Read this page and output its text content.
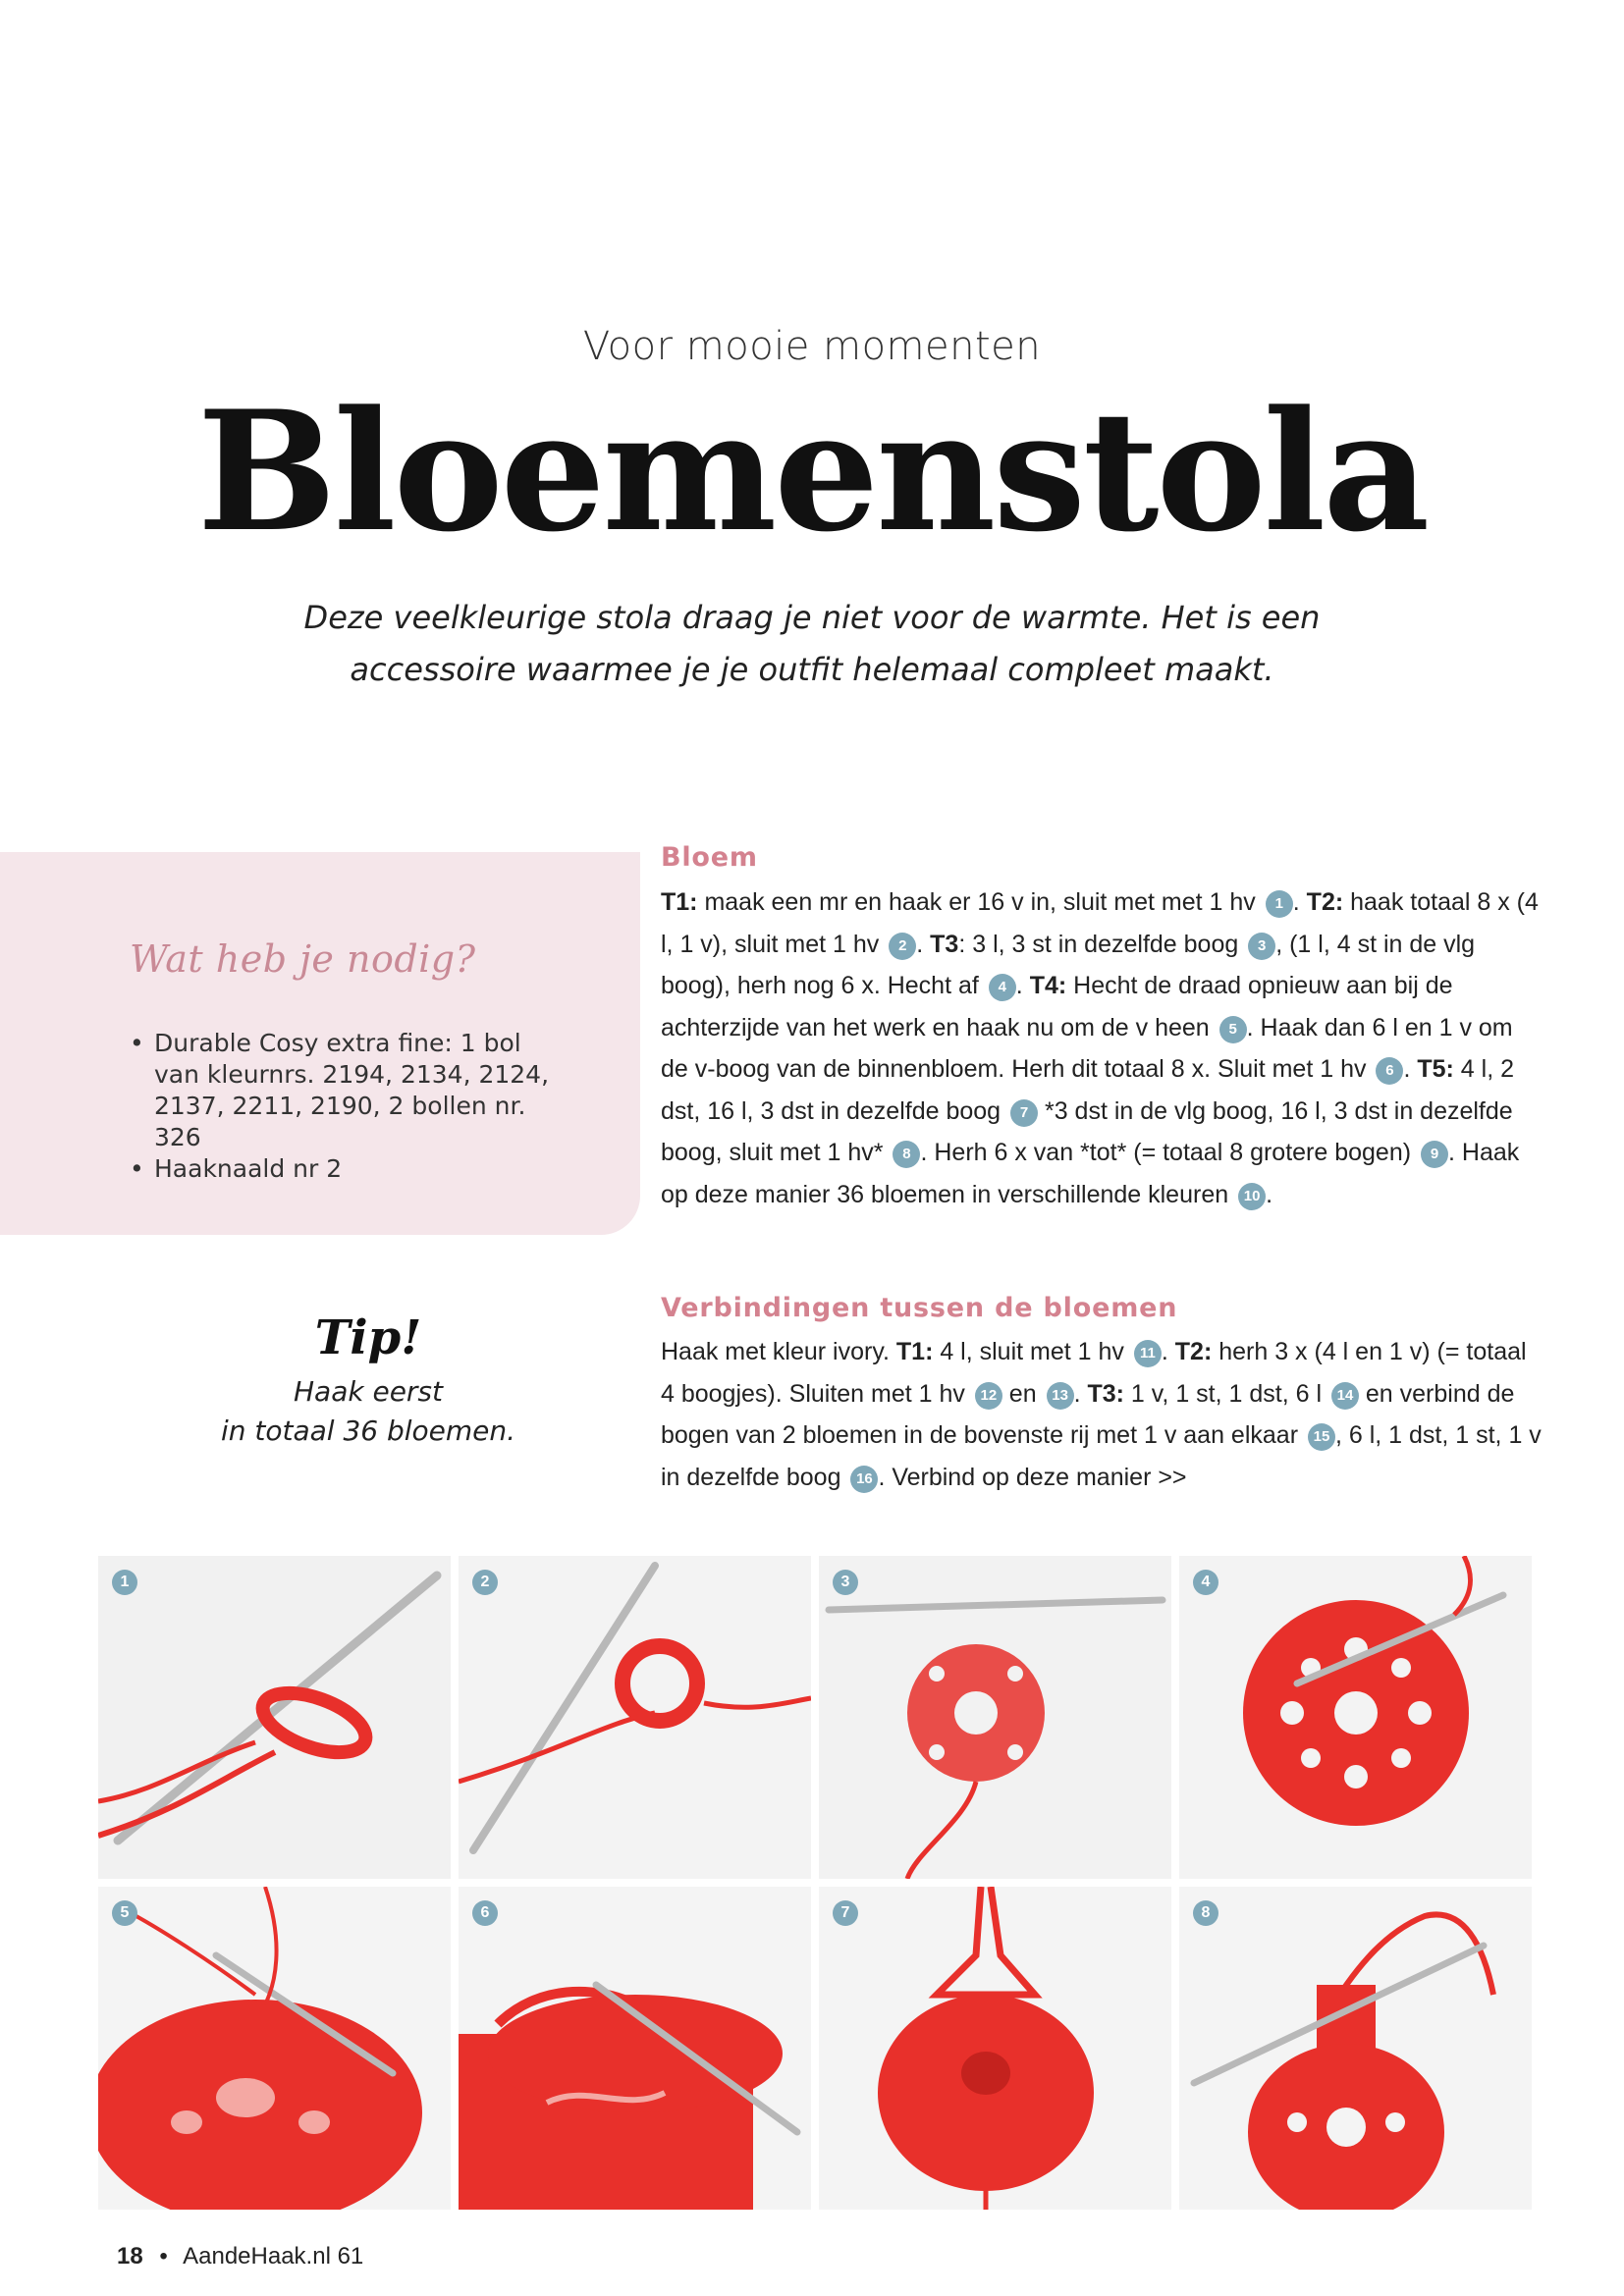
Voor mooie momenten
Bloemenstola
Deze veelkleurige stola draag je niet voor de warmte. Het is een
accessoire waarmee je je outfit helemaal compleet maakt.
Wat heb je nodig?
• Durable Cosy extra fine: 1 bol van kleurnrs. 2194, 2134, 2124, 2137, 2211, 2190, 2 bollen nr. 326
• Haaknaald nr 2
Tip!
Haak eerst
in totaal 36 bloemen.
Bloem
T1: maak een mr en haak er 16 v in, sluit met met 1 hv 1 . T2: haak totaal 8 x (4 l, 1 v), sluit met 1 hv 2 . T3: 3 l, 3 st in dezelfde boog 3 , (1 l, 4 st in de vlg boog), herh nog 6 x. Hecht af 4 . T4: Hecht de draad opnieuw aan bij de achterzijde van het werk en haak nu om de v heen 5 . Haak dan 6 l en 1 v om de v-boog van de binnenbloem. Herh dit totaal 8 x. Sluit met 1 hv 6 . T5: 4 l, 2 dst, 16 l, 3 dst in dezelfde boog 7 *3 dst in de vlg boog, 16 l, 3 dst in dezelfde boog, sluit met 1 hv* 8 . Herh 6 x van *tot* (= totaal 8 grotere bogen) 9 . Haak op deze manier 36 bloemen in verschillende kleuren 10 .
Verbindingen tussen de bloemen
Haak met kleur ivory. T1: 4 l, sluit met 1 hv 11 . T2: herh 3 x (4 l en 1 v) (= totaal 4 boogjes). Sluiten met 1 hv 12 en 13 . T3: 1 v, 1 st, 1 dst, 6 l 14 en verbind de bogen van 2 bloemen in de bovenste rij met 1 v aan elkaar 15 , 6 l, 1 dst, 1 st, 1 v in dezelfde boog 16 . Verbind op deze manier >>
1	2	3	4
5	6	7	8
18 • AandeHaak.nl 61
